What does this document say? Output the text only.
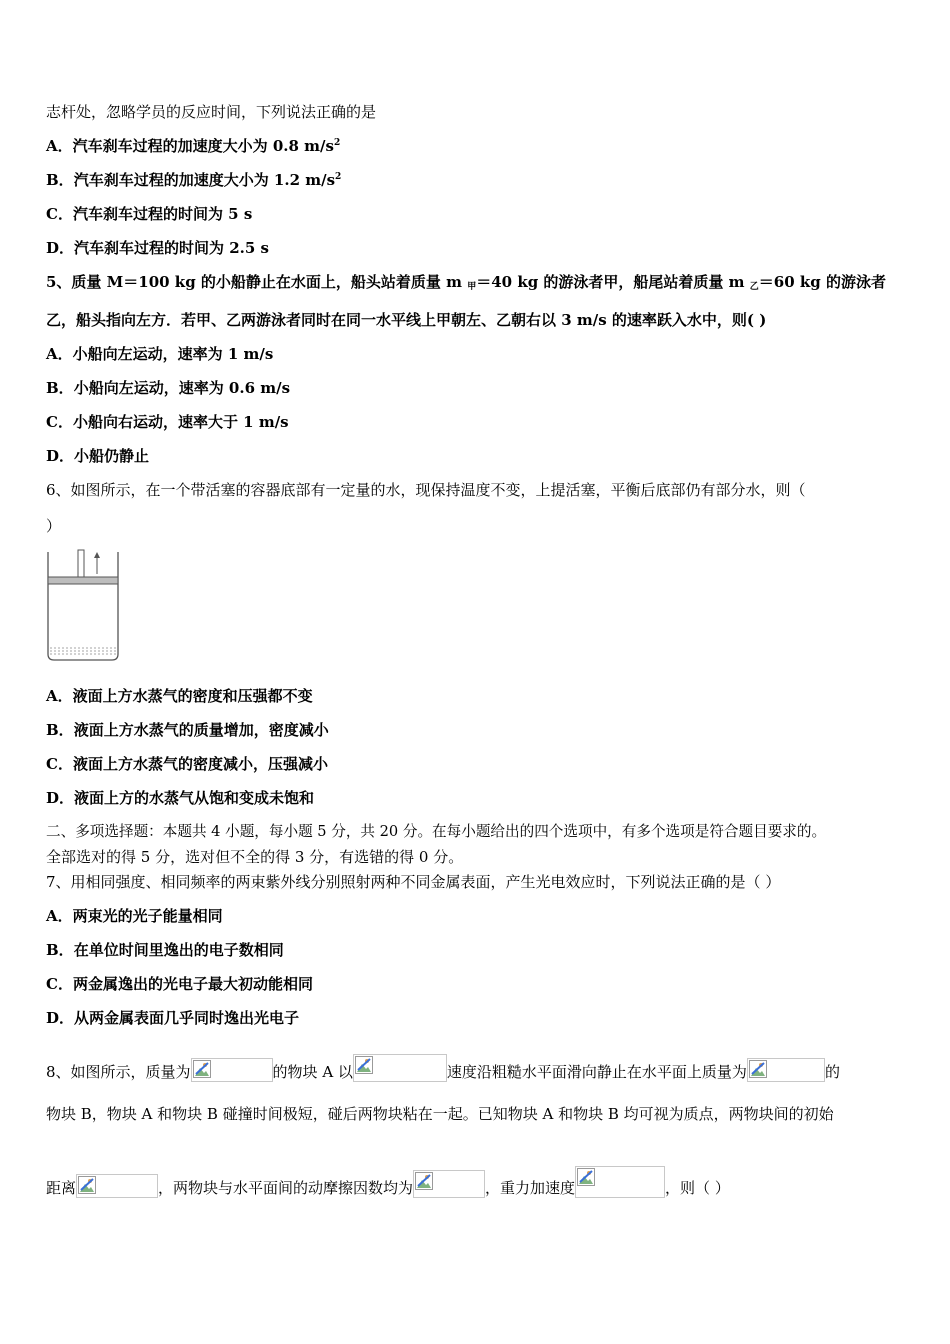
志杆处，忽略学员的反应时间，下列说法正确的是
A．汽车刹车过程的加速度大小为 0.8 $m/s^2$
B．汽车刹车过程的加速度大小为 1.2 $m/s^2$
C．汽车刹车过程的时间为 5 s
D．汽车刹车过程的时间为 2.5 s
5、质量 M＝100 kg 的小船静止在水面上，船头站着质量 m $_甲$＝40 kg 的游泳者甲，船尾站着质量 m $_乙$＝60 kg 的游泳者
乙，船头指向左方．若甲、乙两游泳者同时在同一水平线上甲朝左、乙朝右以 3 m/s 的速率跃入水中，则( )
A．小船向左运动，速率为 1 m/s
B．小船向左运动，速率为 0.6 m/s
C．小船向右运动，速率大于 1 m/s
D．小船仍静止
6、如图所示，在一个带活塞的容器底部有一定量的水，现保持温度不变，上提活塞，平衡后底部仍有部分水，则（
）
A．液面上方水蒸气的密度和压强都不变
B．液面上方水蒸气的质量增加，密度减小
C．液面上方水蒸气的密度减小，压强减小
D．液面上方的水蒸气从饱和变成未饱和
二、多项选择题：本题共 4 小题，每小题 5 分，共 20 分。在每小题给出的四个选项中，有多个选项是符合题目要求的。
全部选对的得 5 分，选对但不全的得 3 分，有选错的得 0 分。
7、用相同强度、相同频率的两束紫外线分别照射两种不同金属表面，产生光电效应时，下列说法正确的是（ ）
A．两束光的光子能量相同
B．在单位时间里逸出的电子数相同
C．两金属逸出的光电子最大初动能相同
D．从两金属表面几乎同时逸出光电子
8、如图所示，质量为	的物块 A 以	速度沿粗糙水平面滑向静止在水平面上质量为	的
物块 B，物块 A 和物块 B 碰撞时间极短，碰后两物块粘在一起。已知物块 A 和物块 B 均可视为质点，两物块间的初始
距离	，两物块与水平面间的动摩擦因数均为	，重力加速度	，则（ ）
